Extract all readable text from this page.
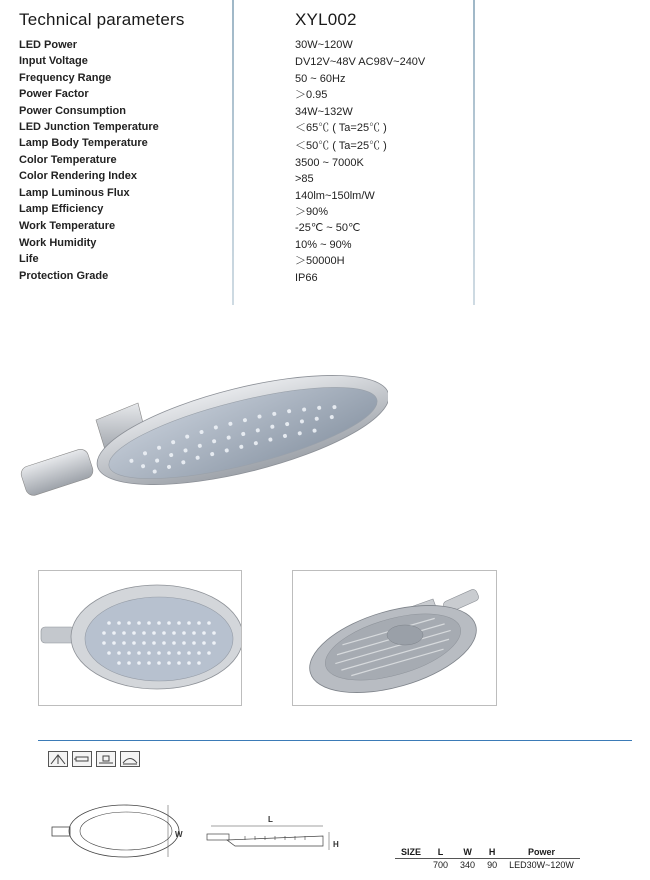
Technical parameters	XYL002
LED Power	30W~120W
Input Voltage	DV12V~48V AC98V~240V
Frequency Range	50 ~ 60Hz
Power Factor	＞0.95
Power Consumption	34W~132W
LED Junction Temperature	＜65℃ ( Ta=25℃ )
Lamp Body Temperature	＜50℃ ( Ta=25℃ )
Color Temperature	3500 ~ 7000K
Color Rendering Index	>85
Lamp Luminous Flux	140lm~150lm/W
Lamp Efficiency	＞90%
Work Temperature	-25℃ ~ 50℃
Work Humidity	10% ~ 90%
Life	＞50000H
Protection Grade	IP66
W
L
H
SIZE	L	W	H	Power
	700	340	90	LED30W~120W
